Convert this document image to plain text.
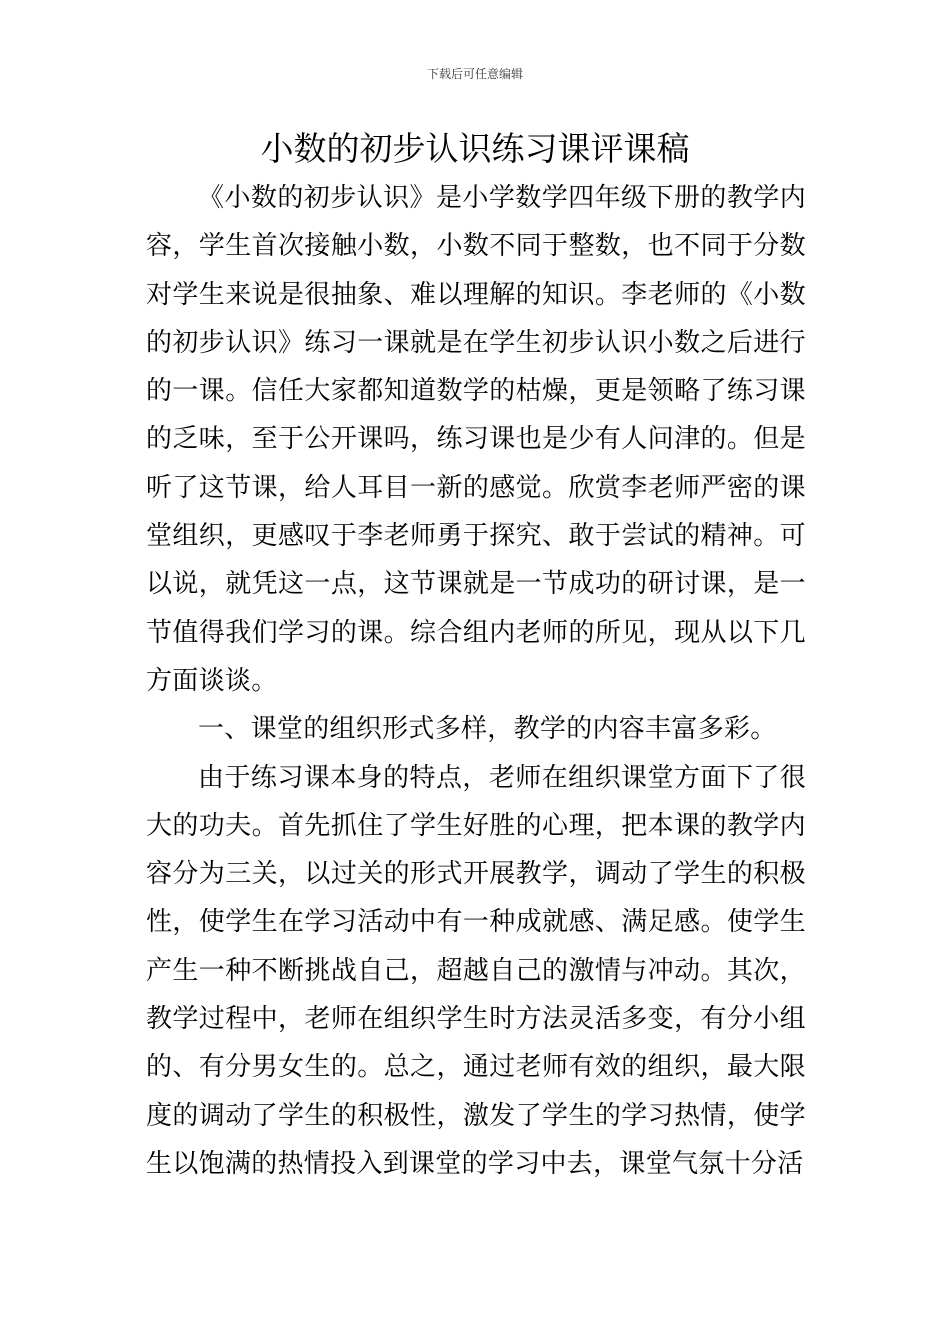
下载后可任意编辑
小数的初步认识练习课评课稿

《小数的初步认识》是小学数学四年级下册的教学内容，学生首次接触小数，小数不同于整数，也不同于分数对学生来说是很抽象、难以理解的知识。李老师的《小数的初步认识》练习一课就是在学生初步认识小数之后进行的一课。信任大家都知道数学的枯燥，更是领略了练习课的乏味，至于公开课吗，练习课也是少有人问津的。但是听了这节课，给人耳目一新的感觉。欣赏李老师严密的课堂组织，更感叹于李老师勇于探究、敢于尝试的精神。可以说，就凭这一点，这节课就是一节成功的研讨课，是一节值得我们学习的课。综合组内老师的所见，现从以下几方面谈谈。

一、课堂的组织形式多样，教学的内容丰富多彩。

由于练习课本身的特点，老师在组织课堂方面下了很大的功夫。首先抓住了学生好胜的心理，把本课的教学内容分为三关，以过关的形式开展教学，调动了学生的积极性，使学生在学习活动中有一种成就感、满足感。使学生产生一种不断挑战自己，超越自己的激情与冲动。其次，教学过程中，老师在组织学生时方法灵活多变，有分小组的、有分男女生的。总之，通过老师有效的组织，最大限度的调动了学生的积极性，激发了学生的学习热情，使学生以饱满的热情投入到课堂的学习中去，课堂气氛十分活
